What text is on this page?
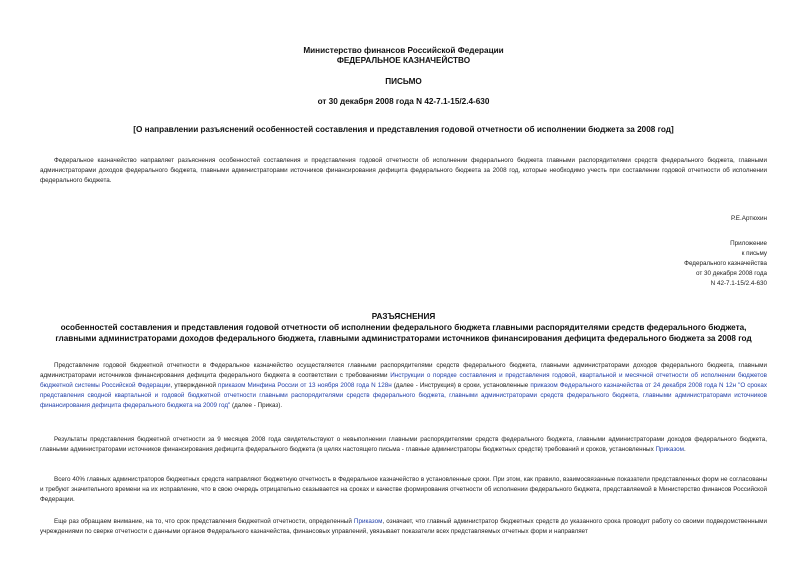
Министерство финансов Российской Федерации
ФЕДЕРАЛЬНОЕ КАЗНАЧЕЙСТВО
ПИСЬМО
от 30 декабря 2008 года N 42-7.1-15/2.4-630
[О направлении разъяснений особенностей составления и представления годовой отчетности об исполнении бюджета за 2008 год]

Федеральное казначейство направляет разъяснения особенностей составления и представления годовой отчетности об исполнении федерального бюджета главными распорядителями средств федерального бюджета, главными администраторами доходов федерального бюджета, главными администраторами источников финансирования дефицита федерального бюджета за 2008 год, которые необходимо учесть при составлении годовой отчетности об исполнении федерального бюджета.

Р.Е.Артюхин
Приложение
к письму
Федерального казначейства
от 30 декабря 2008 года
N 42-7.1-15/2.4-630
РАЗЪЯСНЕНИЯ
особенностей составления и представления годовой отчетности об исполнении федерального бюджета главными распорядителями средств федерального бюджета, главными администраторами доходов федерального бюджета, главными администраторами источников финансирования дефицита федерального бюджета за 2008 год

Представление годовой бюджетной отчетности в Федеральное казначейство осуществляется главными распорядителями средств федерального бюджета, главными администраторами доходов федерального бюджета, главными администраторами источников финансирования дефицита федерального бюджета в соответствии с требованиями Инструкции о порядке составления и представления годовой, квартальной и месячной отчетности об исполнении бюджетов бюджетной системы Российской Федерации, утвержденной приказом Минфина России от 13 ноября 2008 года N 128н (далее - Инструкция) в сроки, установленные приказом Федерального казначейства от 24 декабря 2008 года N 12н "О сроках представления сводной квартальной и годовой бюджетной отчетности главными распорядителями средств федерального бюджета, главными администраторами средств федерального бюджета, главными администраторами источников финансирования дефицита федерального бюджета на 2009 год" (далее - Приказ).

Результаты представления бюджетной отчетности за 9 месяцев 2008 года свидетельствуют о невыполнении главными распорядителями средств федерального бюджета, главными администраторами доходов федерального бюджета, главными администраторами источников финансирования дефицита федерального бюджета (в целях настоящего письма - главные администраторы бюджетных средств) требований и сроков, установленных Приказом.

Всего 40% главных администраторов бюджетных средств направляют бюджетную отчетность в Федеральное казначейство в установленные сроки. При этом, как правило, взаимосвязанные показатели представленных форм не согласованы и требуют значительного времени на их исправление, что в свою очередь отрицательно сказывается на сроках и качестве формирования отчетности об исполнении федерального бюджета, представляемой в Министерство финансов Российской Федерации.

Еще раз обращаем внимание, на то, что срок представления бюджетной отчетности, определенный Приказом, означает, что главный администратор бюджетных средств до указанного срока проводит работу со своими подведомственными учреждениями по сверке отчетности с данными органов Федерального казначейства, финансовых управлений, увязывает показатели всех представляемых отчетных форм и направляет
